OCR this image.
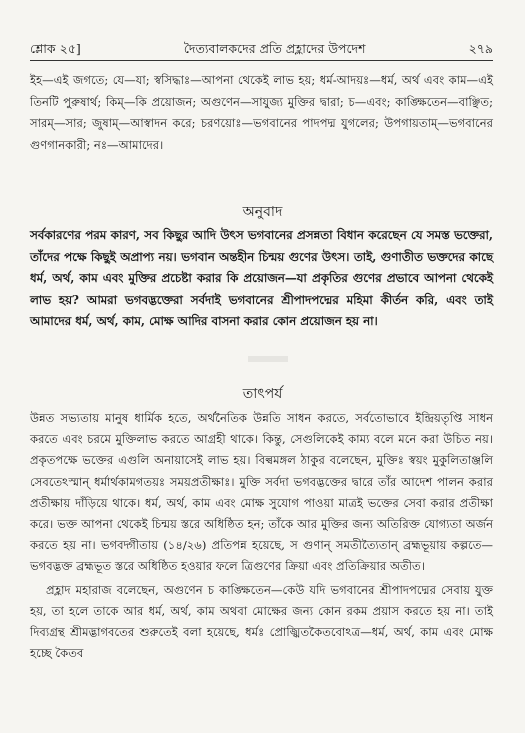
শ্লোক ২৫]	দৈত্যবালকদের প্রতি প্রহ্লাদের উপদেশ	২৭৯
ইহ—এই জগতে; যে—যা; স্বসিদ্ধাঃ—আপনা থেকেই লাভ হয়; ধর্ম-আদয়ঃ—ধর্ম, অর্থ এবং কাম—এই তিনটি পুরুষার্থ; কিম্—কি প্রয়োজন; অগুণেন—সাযুজ্য মুক্তির দ্বারা; চ—এবং; কাঙ্ক্ষিতেন—বাঞ্ছিত; সারম্—সার; জুষাম্—আস্বাদন করে; চরণয়োঃ—ভগবানের পাদপদ্ম যুগলের; উপগায়তাম্—ভগবানের গুণগানকারী; নঃ—আমাদের।
অনুবাদ
সর্বকারণের পরম কারণ, সব কিছুর আদি উৎস ভগবানের প্রসন্নতা বিধান করেছেন যে সমস্ত ভক্তেরা, তাঁদের পক্ষে কিছুই অপ্রাপ্য নয়। ভগবান অন্তহীন চিন্ময় গুণের উৎস। তাই, গুণাতীত ভক্তদের কাছে ধর্ম, অর্থ, কাম এবং মুক্তির প্রচেষ্টা করার কি প্রয়োজন—যা প্রকৃতির গুণের প্রভাবে আপনা থেকেই লাভ হয়? আমরা ভগবদ্ভক্তেরা সর্বদাই ভগবানের শ্রীপাদপদ্মের মহিমা কীর্তন করি, এবং তাই আমাদের ধর্ম, অর্থ, কাম, মোক্ষ আদির বাসনা করার কোন প্রয়োজন হয় না।
তাৎপর্য

উন্নত সভ্যতায় মানুষ ধার্মিক হতে, অর্থনৈতিক উন্নতি সাধন করতে, সর্বতোভাবে ইন্দ্রিয়তৃপ্তি সাধন করতে এবং চরমে মুক্তিলাভ করতে আগ্রহী থাকে। কিন্তু, সেগুলিকেই কাম্য বলে মনে করা উচিত নয়। প্রকৃতপক্ষে ভক্তের এগুলি অনায়াসেই লাভ হয়। বিল্বমঙ্গল ঠাকুর বলেছেন, মুক্তিঃ স্বয়ং মুকুলিতাঞ্জলি সেবতেঽস্মান্ ধর্মার্থকামগতয়ঃ সময়প্রতীক্ষাঃ। মুক্তি সর্বদা ভগবদ্ভক্তের দ্বারে তাঁর আদেশ পালন করার প্রতীক্ষায় দাঁড়িয়ে থাকে। ধর্ম, অর্থ, কাম এবং মোক্ষ সুযোগ পাওয়া মাত্রই ভক্তের সেবা করার প্রতীক্ষা করে। ভক্ত আপনা থেকেই চিন্ময় স্তরে অধিষ্ঠিত হন; তাঁকে আর মুক্তির জন্য অতিরিক্ত যোগ্যতা অর্জন করতে হয় না। ভগবদ্গীতায় (১৪/২৬) প্রতিপন্ন হয়েছে, স গুণান্ সমতীত্যৈতান্ ব্রহ্মভূয়ায় কল্পতে—ভগবদ্ভক্ত ব্রহ্মভূত স্তরে অধিষ্ঠিত হওয়ার ফলে ত্রিগুণের ক্রিয়া এবং প্রতিক্রিয়ার অতীত।

প্রহ্লাদ মহারাজ বলেছেন, অগুণেন চ কাঙ্ক্ষিতেন—কেউ যদি ভগবানের শ্রীপাদপদ্মের সেবায় যুক্ত হয়, তা হলে তাকে আর ধর্ম, অর্থ, কাম অথবা মোক্ষের জন্য কোন রকম প্রয়াস করতে হয় না। তাই দিব্যগ্রন্থ শ্রীমদ্ভাগবতের শুরুতেই বলা হয়েছে, ধর্মঃ প্রোজ্ঝিতকৈতবোঽত্র—ধর্ম, অর্থ, কাম এবং মোক্ষ হচ্ছে কৈতব
